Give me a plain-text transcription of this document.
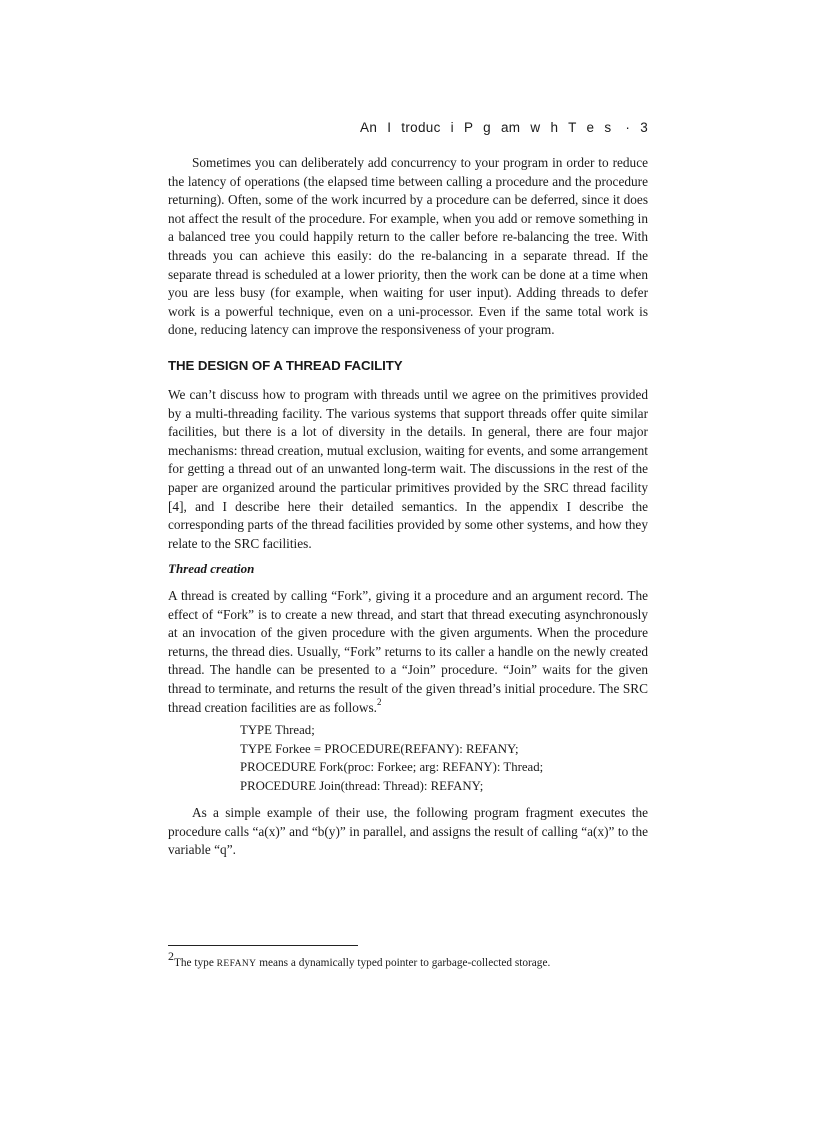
An I troduc i P g am w h T e s · 3

Sometimes you can deliberately add concurrency to your program in order to reduce the latency of operations (the elapsed time between calling a procedure and the procedure returning). Often, some of the work incurred by a procedure can be deferred, since it does not affect the result of the procedure. For example, when you add or remove something in a balanced tree you could happily return to the caller before re-balancing the tree. With threads you can achieve this easily: do the re-balancing in a separate thread. If the separate thread is scheduled at a lower priority, then the work can be done at a time when you are less busy (for example, when waiting for user input). Adding threads to defer work is a powerful technique, even on a uni-processor. Even if the same total work is done, reducing latency can improve the responsiveness of your program.

THE DESIGN OF A THREAD FACILITY

We can’t discuss how to program with threads until we agree on the primitives provided by a multi-threading facility. The various systems that support threads offer quite similar facilities, but there is a lot of diversity in the details. In general, there are four major mechanisms: thread creation, mutual exclusion, waiting for events, and some arrangement for getting a thread out of an unwanted long-term wait. The discussions in the rest of the paper are organized around the particular primitives provided by the SRC thread facility [4], and I describe here their detailed semantics. In the appendix I describe the corresponding parts of the thread facilities provided by some other systems, and how they relate to the SRC facilities.

Thread creation

A thread is created by calling “Fork”, giving it a procedure and an argument record. The effect of “Fork” is to create a new thread, and start that thread executing asynchronously at an invocation of the given procedure with the given arguments. When the procedure returns, the thread dies. Usually, “Fork” returns to its caller a handle on the newly created thread. The handle can be presented to a “Join” procedure. “Join” waits for the given thread to terminate, and returns the result of the given thread’s initial procedure. The SRC thread creation facilities are as follows.$^2$

TYPE Thread;
TYPE Forkee = PROCEDURE(REFANY): REFANY;
PROCEDURE Fork(proc: Forkee; arg: REFANY): Thread;
PROCEDURE Join(thread: Thread): REFANY;

As a simple example of their use, the following program fragment executes the procedure calls “a(x)” and “b(y)” in parallel, and assigns the result of calling “a(x)” to the variable “q”.

$^2$The type REFANY means a dynamically typed pointer to garbage-collected storage.
